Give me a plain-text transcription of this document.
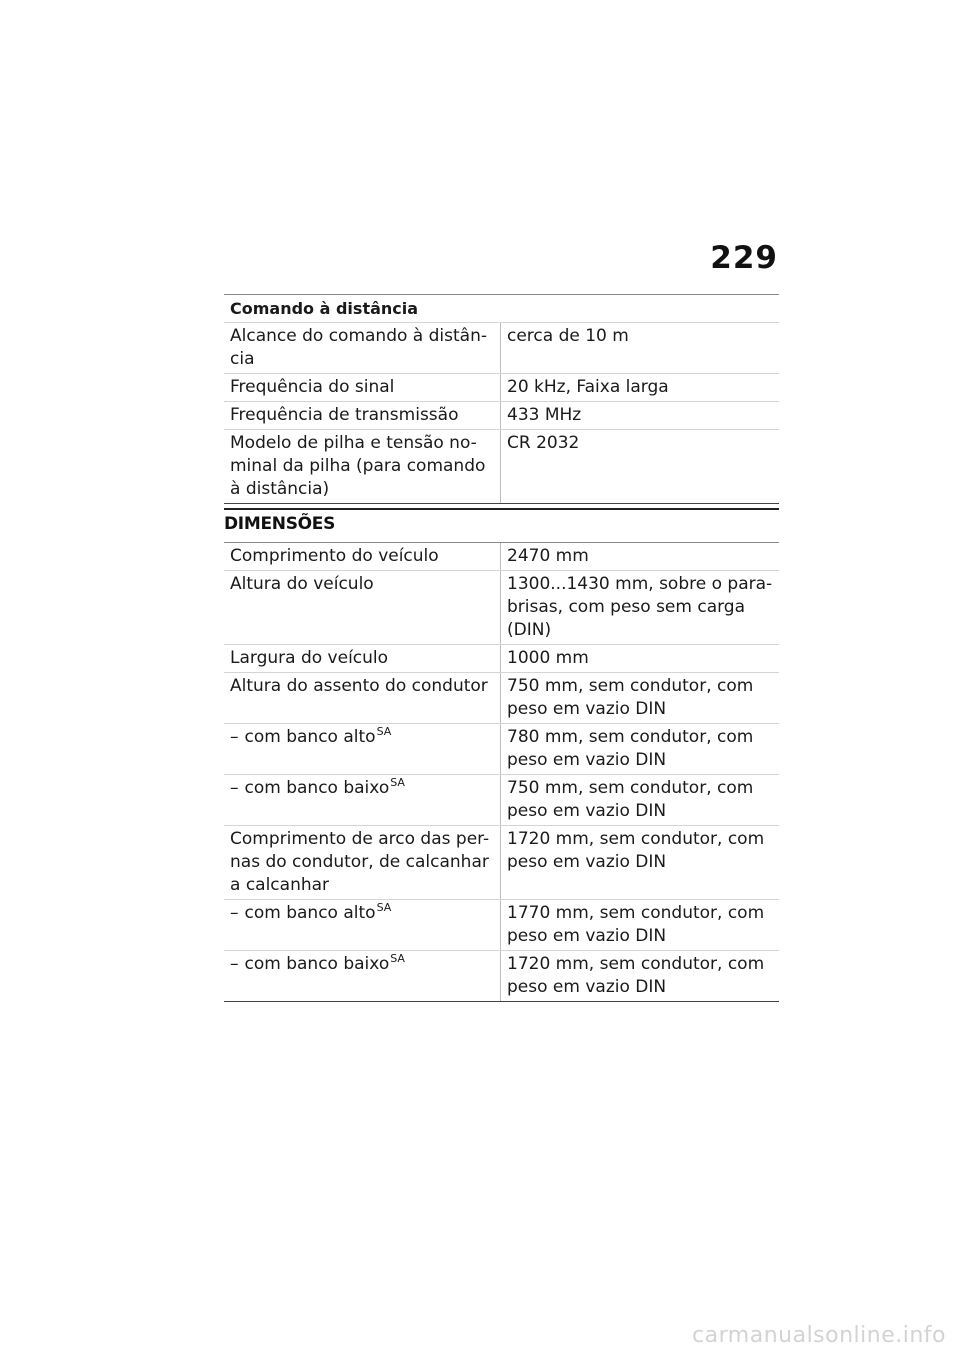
229
Comando à distância
Alcance do comando à distân-cia	cerca de 10 m
Frequência do sinal	20 kHz, Faixa larga
Frequência de transmissão	433 MHz
Modelo de pilha e tensão no-minal da pilha (para comando à distância)	CR 2032
DIMENSÕES
Comprimento do veículo	2470 mm
Altura do veículo	1300...1430 mm, sobre o para-brisas, com peso sem carga (DIN)
Largura do veículo	1000 mm
Altura do assento do condutor	750 mm, sem condutor, com peso em vazio DIN
– com banco alto$^{SA}$	780 mm, sem condutor, com peso em vazio DIN
– com banco baixo$^{SA}$	750 mm, sem condutor, com peso em vazio DIN
Comprimento de arco das per-nas do condutor, de calcanhar a calcanhar	1720 mm, sem condutor, com peso em vazio DIN
– com banco alto$^{SA}$	1770 mm, sem condutor, com peso em vazio DIN
– com banco baixo$^{SA}$	1720 mm, sem condutor, com peso em vazio DIN
carmanualsonline.info
